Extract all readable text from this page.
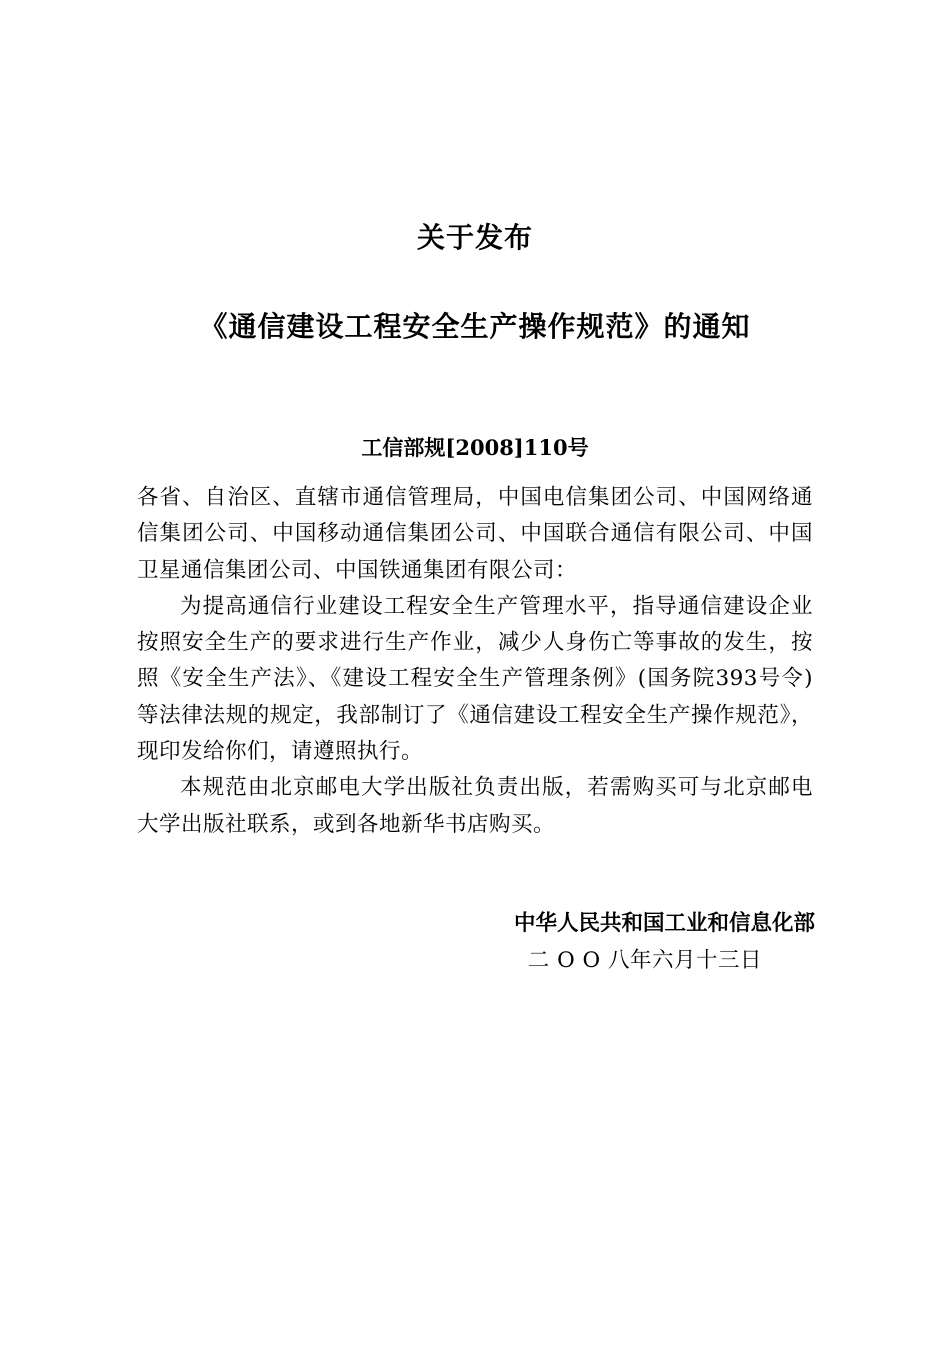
关于发布
《通信建设工程安全生产操作规范》的通知
工信部规[2008]110号

各省、自治区、直辖市通信管理局，中国电信集团公司、中国网络通信集团公司、中国移动通信集团公司、中国联合通信有限公司、中国卫星通信集团公司、中国铁通集团有限公司：

为提高通信行业建设工程安全生产管理水平，指导通信建设企业按照安全生产的要求进行生产作业，减少人身伤亡等事故的发生，按照《安全生产法》、《建设工程安全生产管理条例》(国务院393号令)等法律法规的规定，我部制订了《通信建设工程安全生产操作规范》，现印发给你们，请遵照执行。

本规范由北京邮电大学出版社负责出版，若需购买可与北京邮电大学出版社联系，或到各地新华书店购买。

中华人民共和国工业和信息化部
二 O O 八年六月十三日
